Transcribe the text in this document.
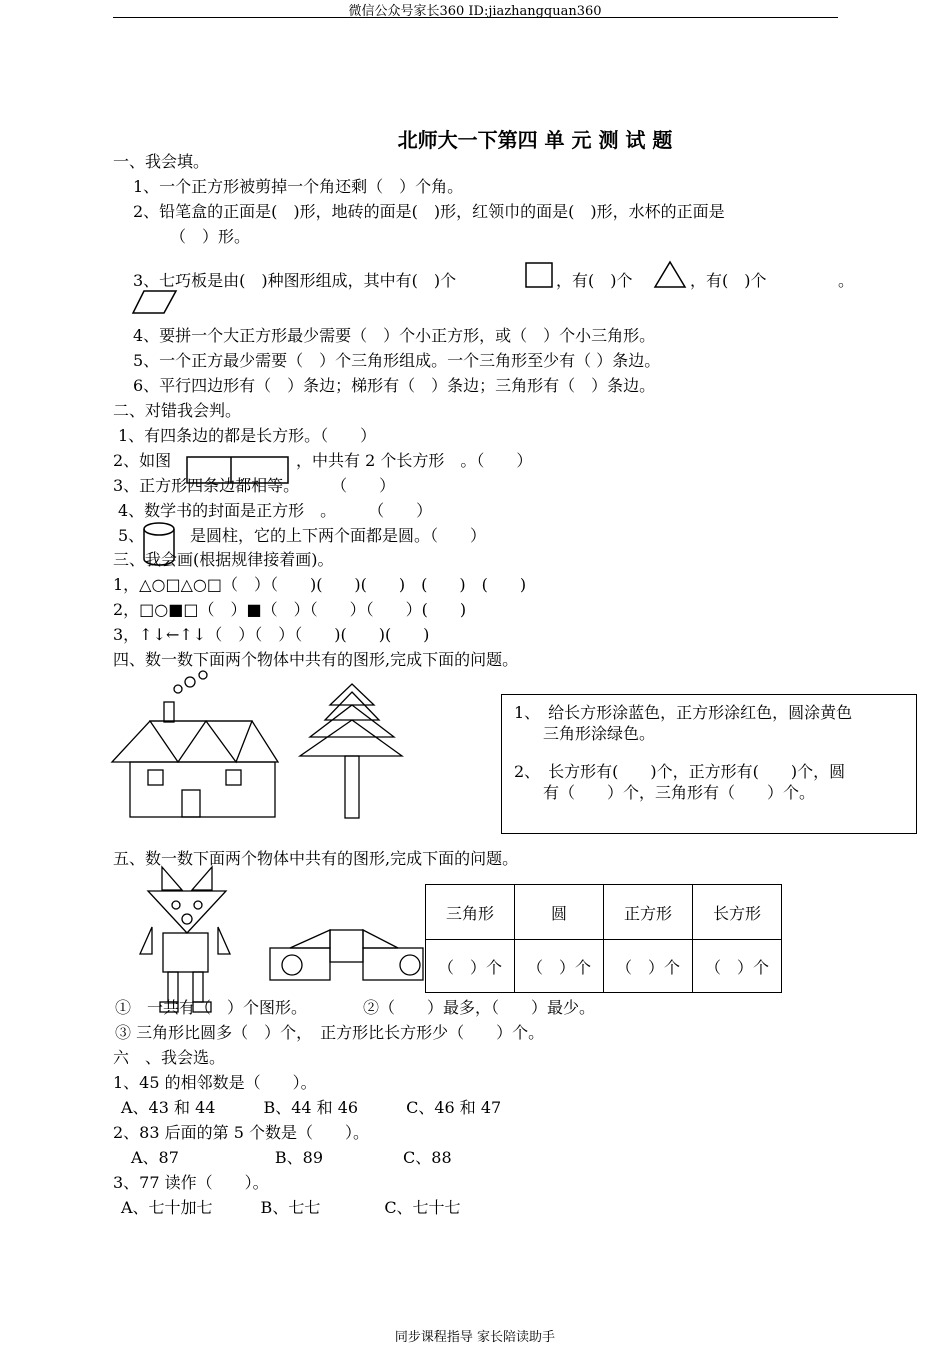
微信公众号家长360 ID:jiazhangquan360
北师大一下第四 单 元 测 试 题
一、我会填。
1、一个正方形被剪掉一个角还剩（　）个角。
2、铅笔盒的正面是(　)形，地砖的面是(　)形，红领巾的面是(　)形，水杯的正面是
（　）形。
3、七巧板是由(　)种图形组成，其中有(　)个	，有(　)个	，有(　)个	。
4、要拼一个大正方形最少需要（　）个小正方形，或（　）个小三角形。
5、一个正方最少需要（　）个三角形组成。一个三角形至少有（ ）条边。
6、平行四边形有（　）条边；梯形有（　）条边；三角形有（　）条边。
二、对错我会判。
1、有四条边的都是长方形。（　　）
2、如图	，中共有 2 个长方形　。（　　）
3、正方形四条边都相等。　　　（　　）
4、数学书的封面是正方形　。　　　（　　）
5、	是圆柱，它的上下两个面都是圆。（　　）
三、我会画(根据规律接着画)。
1，△○□△○□（　）（　　)(　　)(　　)　(　　)　(　　)
2，□○■□（　）■（　）（　　）（　　）(　　)
3，↑↓←↑↓（　）（　）（　　)(　　)(　　)
四、数一数下面两个物体中共有的图形,完成下面的问题。
1、　给长方形涂蓝色，正方形涂红色，圆涂黄色
三角形涂绿色。
2、　长方形有(　　)个，正方形有(　　)个，圆
有（　　）个，三角形有（　　）个。
五、数一数下面两个物体中共有的图形,完成下面的问题。
三角形	圆	正方形	长方形
（　）个	（　）个	（　）个	（　）个
①　一共有（　）个图形。	②（　　）最多，（　　）最少。
③ 三角形比圆多（　）个，　正方形比长方形少（　　）个。
六　、我会选。
1、45 的相邻数是（　　）。
A、43 和 44　　　B、44 和 46　　　C、46 和 47
2、83 后面的第 5 个数是（　　）。
A、87　　　　　　B、89　　　　　C、88
3、77 读作（　　）。
A、七十加七　　　B、七七　　　　C、七十七
同步课程指导 家长陪读助手
